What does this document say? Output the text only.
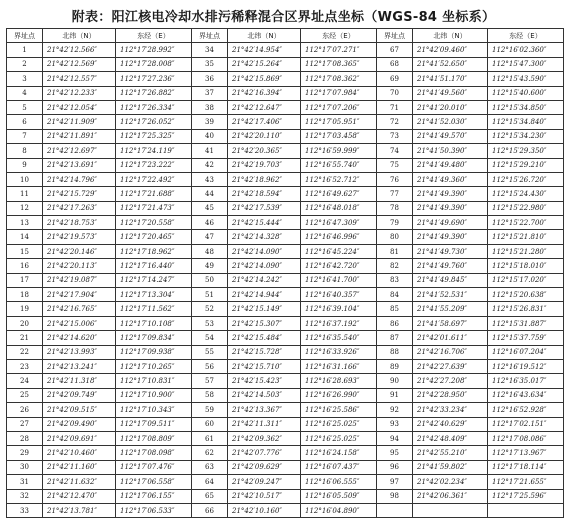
附表：阳江核电冷却水排污稀释混合区界址点坐标（WGS-84 坐标系）
界址点	北纬（N）	东经（E）	界址点	北纬（N）	东经（E）	界址点	北纬（N）	东经（E）
1	21°42′12.566″	112°17′28.992″	34	21°42′14.954″	112°17′07.271″	67	21°42′09.460″	112°16′02.360″
2	21°42′12.569″	112°17′28.008″	35	21°42′15.264″	112°17′08.365″	68	21°41′52.650″	112°15′47.300″
3	21°42′12.557″	112°17′27.236″	36	21°42′15.869″	112°17′08.362″	69	21°41′51.170″	112°15′43.590″
4	21°42′12.233″	112°17′26.882″	37	21°42′16.394″	112°17′07.984″	70	21°41′49.560″	112°15′40.600″
5	21°42′12.054″	112°17′26.334″	38	21°42′12.647″	112°17′07.206″	71	21°41′20.010″	112°15′34.850″
6	21°42′11.909″	112°17′26.052″	39	21°42′17.406″	112°17′05.951″	72	21°41′52.030″	112°15′34.840″
7	21°42′11.891″	112°17′25.325″	40	21°42′20.110″	112°17′03.458″	73	21°41′49.570″	112°15′34.230″
8	21°42′12.697″	112°17′24.119″	41	21°42′20.365″	112°16′59.999″	74	21°41′50.390″	112°15′29.350″
9	21°42′13.691″	112°17′23.222″	42	21°42′19.703″	112°16′55.740″	75	21°41′49.480″	112°15′29.210″
10	21°42′14.796″	112°17′22.492″	43	21°42′18.962″	112°16′52.712″	76	21°41′49.360″	112°15′26.720″
11	21°42′15.729″	112°17′21.688″	44	21°42′18.594″	112°16′49.627″	77	21°41′49.390″	112°15′24.430″
12	21°42′17.263″	112°17′21.473″	45	21°42′17.539″	112°16′48.018″	78	21°41′49.390″	112°15′22.980″
13	21°42′18.753″	112°17′20.558″	46	21°42′15.444″	112°16′47.309″	79	21°41′49.690″	112°15′22.700″
14	21°42′19.573″	112°17′20.465″	47	21°42′14.328″	112°16′46.996″	80	21°41′49.390″	112°15′21.810″
15	21°42′20.146″	112°17′18.962″	48	21°42′14.090″	112°16′45.224″	81	21°41′49.730″	112°15′21.280″
16	21°42′20.113″	112°17′16.440″	49	21°42′14.090″	112°16′42.720″	82	21°41′49.760″	112°15′18.010″
17	21°42′19.087″	112°17′14.247″	50	21°42′14.242″	112°16′41.700″	83	21°41′49.845″	112°15′17.020″
18	21°42′17.904″	112°17′13.304″	51	21°42′14.944″	112°16′40.357″	84	21°41′52.531″	112°15′20.638″
19	21°42′16.765″	112°17′11.562″	52	21°42′15.149″	112°16′39.104″	85	21°41′55.209″	112°15′26.831″
20	21°42′15.006″	112°17′10.108″	53	21°42′15.307″	112°16′37.192″	86	21°41′58.697″	112°15′31.887″
21	21°42′14.620″	112°17′09.834″	54	21°42′15.484″	112°16′35.540″	87	21°42′01.611″	112°15′37.759″
22	21°42′13.993″	112°17′09.938″	55	21°42′15.728″	112°16′33.926″	88	21°42′16.706″	112°16′07.204″
23	21°42′13.241″	112°17′10.265″	56	21°42′15.710″	112°16′31.166″	89	21°42′27.639″	112°16′19.512″
24	21°42′11.318″	112°17′10.831″	57	21°42′15.423″	112°16′28.693″	90	21°42′27.208″	112°16′35.017″
25	21°42′09.749″	112°17′10.900″	58	21°42′14.503″	112°16′26.990″	91	21°42′28.950″	112°16′43.634″
26	21°42′09.515″	112°17′10.343″	59	21°42′13.367″	112°16′25.586″	92	21°42′33.234″	112°16′52.928″
27	21°42′09.490″	112°17′09.511″	60	21°42′11.311″	112°16′25.025″	93	21°42′40.629″	112°17′02.151″
28	21°42′09.691″	112°17′08.809″	61	21°42′09.362″	112°16′25.025″	94	21°42′48.409″	112°17′08.086″
29	21°42′10.460″	112°17′08.098″	62	21°42′07.776″	112°16′24.158″	95	21°42′55.210″	112°17′13.967″
30	21°42′11.160″	112°17′07.476″	63	21°42′09.629″	112°16′07.437″	96	21°41′59.802″	112°17′18.114″
31	21°42′11.632″	112°17′06.558″	64	21°42′09.247″	112°16′06.555″	97	21°42′02.234″	112°17′21.655″
32	21°42′12.470″	112°17′06.155″	65	21°42′10.517″	112°16′05.509″	98	21°42′06.361″	112°17′25.596″
33	21°42′13.781″	112°17′06.533″	66	21°42′10.160″	112°16′04.890″			
